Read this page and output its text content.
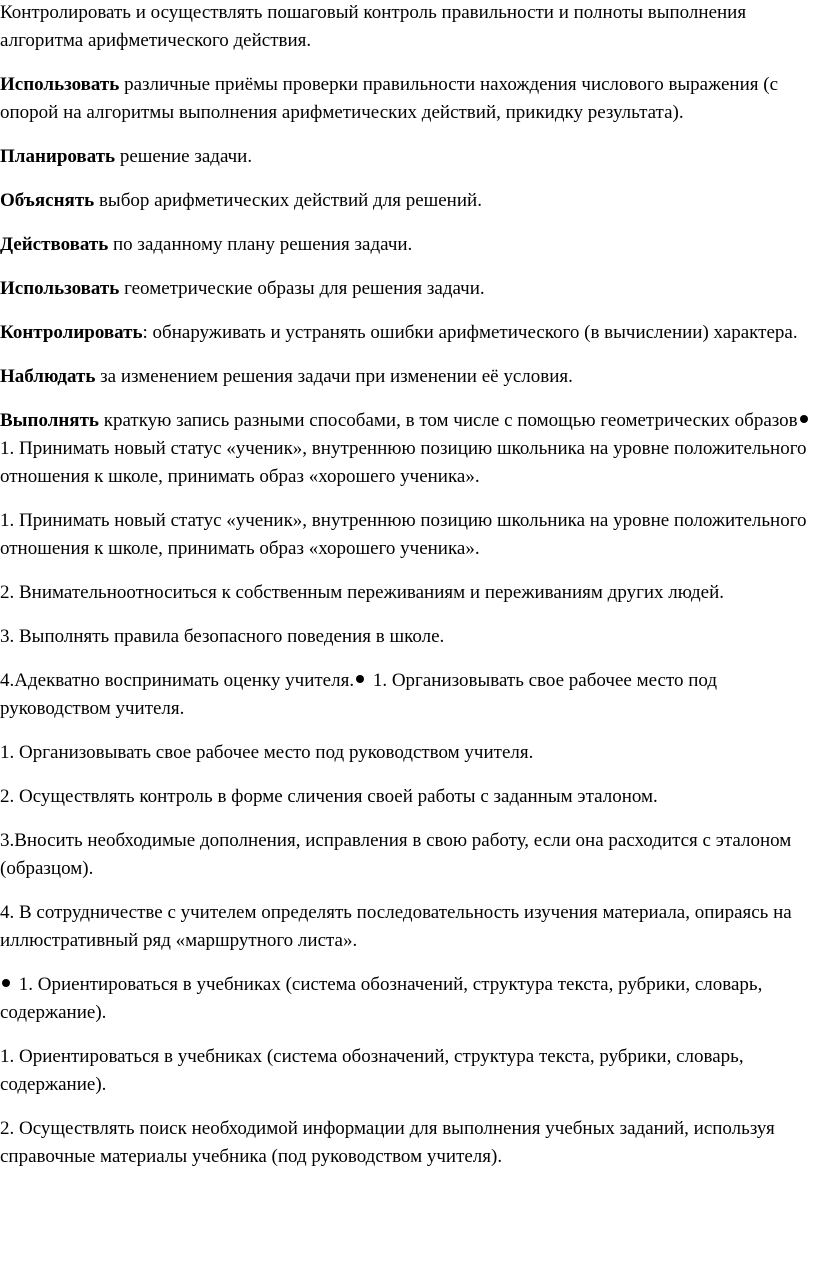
Контролировать и осуществлять пошаговый контроль правильности и полноты выполнения алгоритма арифметического действия.

Использовать различные приёмы проверки правильности нахождения числового выражения (с опорой на алгоритмы выполнения арифметических действий, прикидку результата).

Планировать решение задачи.

Объяснять выбор арифметических действий для решений.

Действовать по заданному плану решения задачи.

Использовать геометрические образы для решения задачи.

Контролировать: обнаруживать и устранять ошибки арифметического (в вычислении) характера.

Наблюдать за изменением решения задачи при изменении её условия.

Выполнять краткую запись разными способами, в том числе с помощью геометрических образов 1. Принимать новый статус «ученик», внутреннюю позицию школьника на уровне положительного отношения к школе, принимать образ «хорошего ученика».

1. Принимать новый статус «ученик», внутреннюю позицию школьника на уровне положительного отношения к школе, принимать образ «хорошего ученика».

2. Внимательноотноситься к собственным переживаниям и переживаниям других людей.

3. Выполнять правила безопасного поведения в школе.

4.Адекватно воспринимать оценку учителя. 1. Организовывать свое рабочее место под руководством учителя.

1. Организовывать свое рабочее место под руководством учителя.

2. Осуществлять контроль в форме сличения своей работы с заданным эталоном.

3.Вносить необходимые дополнения, исправления в свою работу, если она расходится с эталоном (образцом).

4. В сотрудничестве с учителем определять последовательность изучения материала, опираясь на иллюстративный ряд «маршрутного листа».

1. Ориентироваться в учебниках (система обозначений, структура текста, рубрики, словарь, содержание).

1. Ориентироваться в учебниках (система обозначений, структура текста, рубрики, словарь, содержание).

2. Осуществлять поиск необходимой информации для выполнения учебных заданий, используя справочные материалы учебника (под руководством учителя).
